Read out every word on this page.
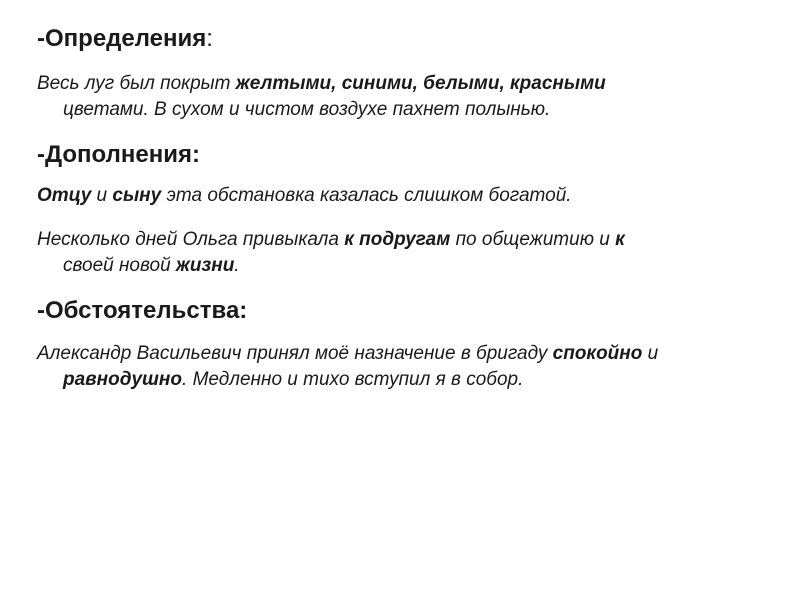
-Определения:

Весь луг был покрыт желтыми, синими, белыми, красными
цветами. В сухом и чистом воздухе пахнет полынью.

-Дополнения:

Отцу и сыну эта обстановка казалась слишком богатой.

Несколько дней Ольга привыкала к подругам по общежитию и к
своей новой жизни.

-Обстоятельства:

Александр Васильевич принял моё назначение в бригаду спокойно и
равнодушно. Медленно и тихо вступил я в собор.
